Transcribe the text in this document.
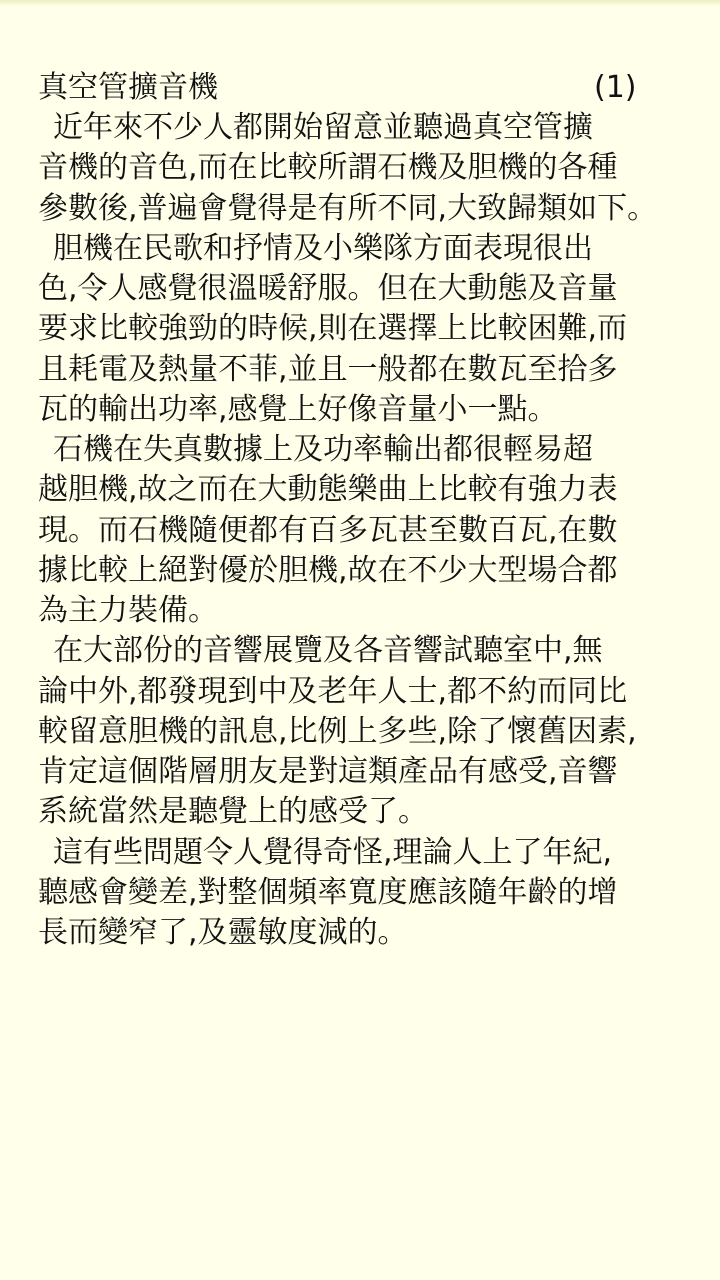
真空管擴音機	(1)
近年來不少人都開始留意並聽過真空管擴
音機的音色,而在比較所謂石機及胆機的各種
參數後,普遍會覺得是有所不同,大致歸類如下。
胆機在民歌和抒情及小樂隊方面表現很出
色,令人感覺很溫暖舒服。但在大動態及音量
要求比較強勁的時候,則在選擇上比較困難,而
且耗電及熱量不菲,並且一般都在數瓦至拾多
瓦的輸出功率,感覺上好像音量小一點。
石機在失真數據上及功率輸出都很輕易超
越胆機,故之而在大動態樂曲上比較有強力表
現。而石機隨便都有百多瓦甚至數百瓦,在數
據比較上絕對優於胆機,故在不少大型場合都
為主力裝備。
在大部份的音響展覽及各音響試聽室中,無
論中外,都發現到中及老年人士,都不約而同比
較留意胆機的訊息,比例上多些,除了懷舊因素,
肯定這個階層朋友是對這類產品有感受,音響
系統當然是聽覺上的感受了。
這有些問題令人覺得奇怪,理論人上了年紀,
聽感會變差,對整個頻率寬度應該隨年齡的增
長而變窄了,及靈敏度減的。
